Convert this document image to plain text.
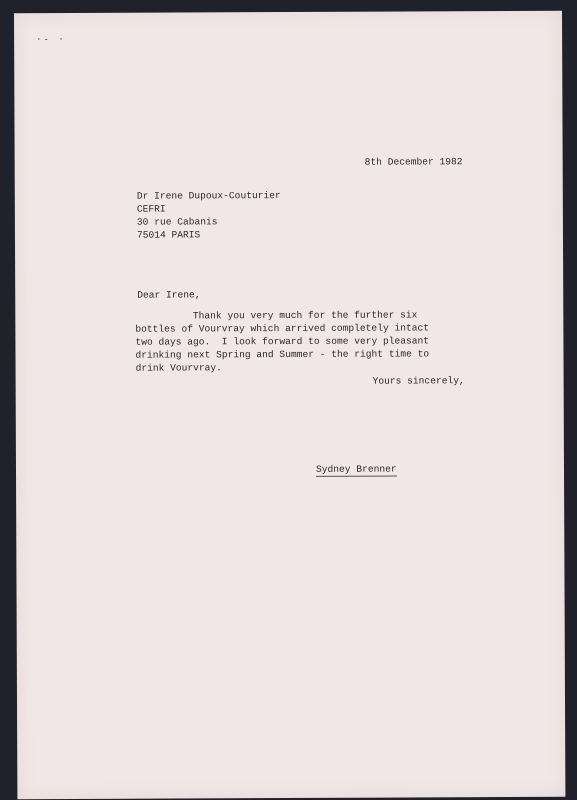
·- ·

8th December 1982

Dr Irene Dupoux-Couturier
CEFRI
30 rue Cabanis
75014 PARIS

Dear Irene,

Thank you very much for the further six
bottles of Vourvray which arrived completely intact
two days ago.  I look forward to some very pleasant
drinking next Spring and Summer - the right time to
drink Vourvray.

Yours sincerely,

Sydney Brenner
